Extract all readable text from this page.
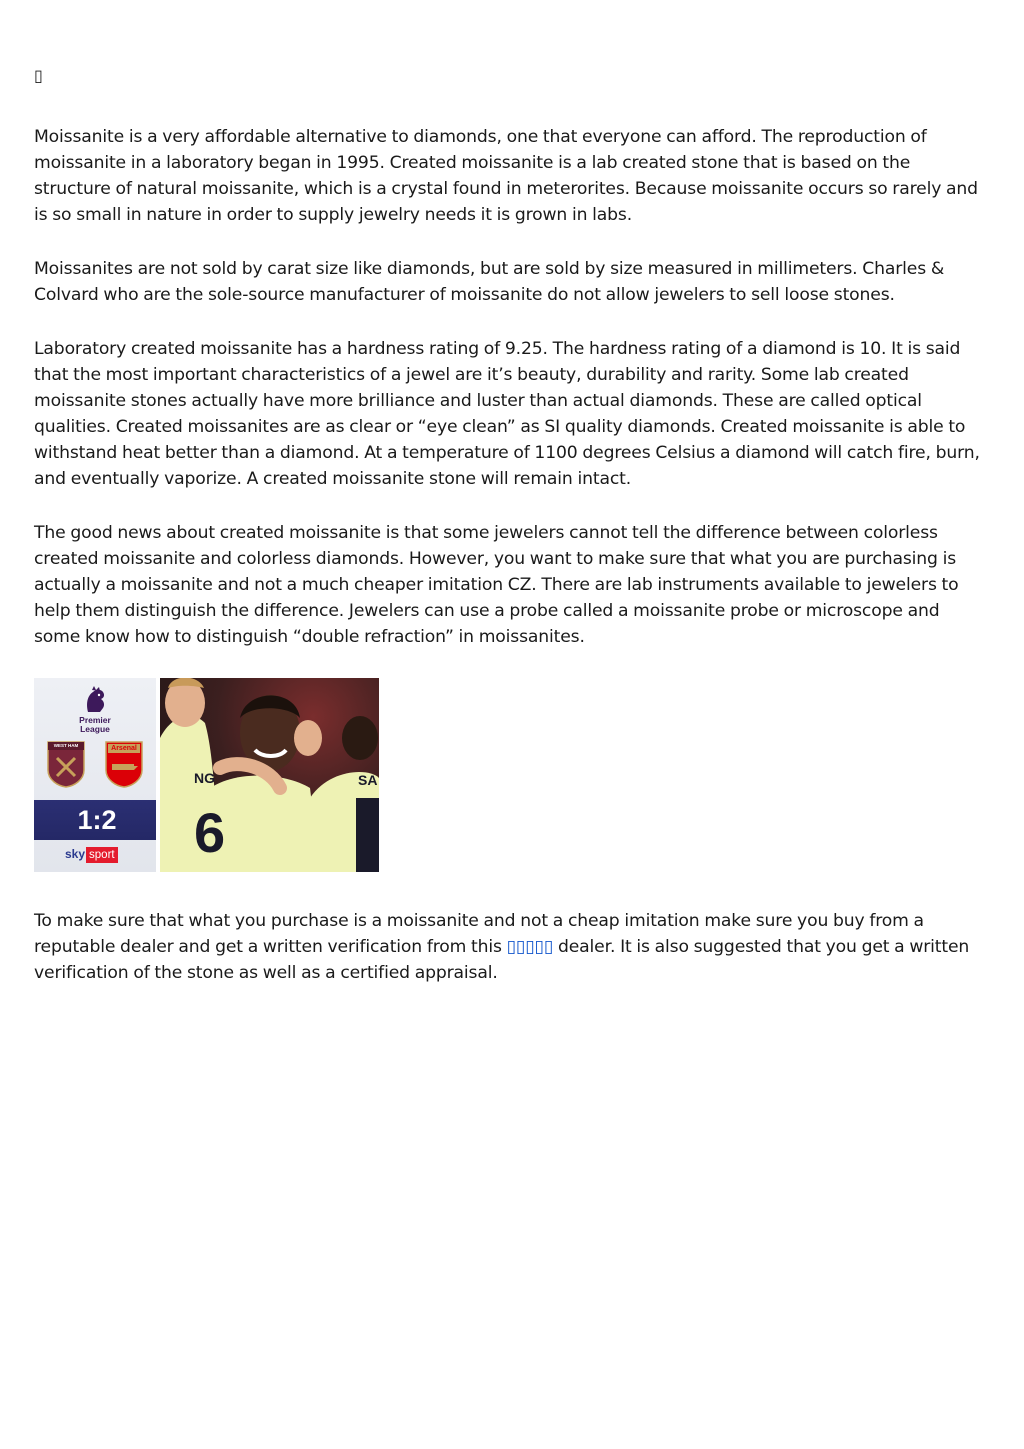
▯

Moissanite is a very affordable alternative to diamonds, one that everyone can afford. The reproduction of moissanite in a laboratory began in 1995. Created moissanite is a lab created stone that is based on the structure of natural moissanite, which is a crystal found in meterorites. Because moissanite occurs so rarely and is so small in nature in order to supply jewelry needs it is grown in labs.

Moissanites are not sold by carat size like diamonds, but are sold by size measured in millimeters. Charles & Colvard who are the sole-source manufacturer of moissanite do not allow jewelers to sell loose stones.

Laboratory created moissanite has a hardness rating of 9.25. The hardness rating of a diamond is 10. It is said that the most important characteristics of a jewel are it’s beauty, durability and rarity. Some lab created moissanite stones actually have more brilliance and luster than actual diamonds. These are called optical qualities. Created moissanites are as clear or “eye clean” as SI quality diamonds. Created moissanite is able to withstand heat better than a diamond. At a temperature of 1100 degrees Celsius a diamond will catch fire, burn, and eventually vaporize. A created moissanite stone will remain intact.

The good news about created moissanite is that some jewelers cannot tell the difference between colorless created moissanite and colorless diamonds. However, you want to make sure that what you are purchasing is actually a moissanite and not a much cheaper imitation CZ. There are lab instruments available to jewelers to help them distinguish the difference. Jewelers can use a probe called a moissanite probe or microscope and some know how to distinguish “double refraction” in moissanites.

Premier
League
WEST HAM	Arsenal
1:2
sky sport
NG
6
SA

To make sure that what you purchase is a moissanite and not a cheap imitation make sure you buy from a reputable dealer and get a written verification from this ▯▯▯▯▯ dealer. It is also suggested that you get a written verification of the stone as well as a certified appraisal.
